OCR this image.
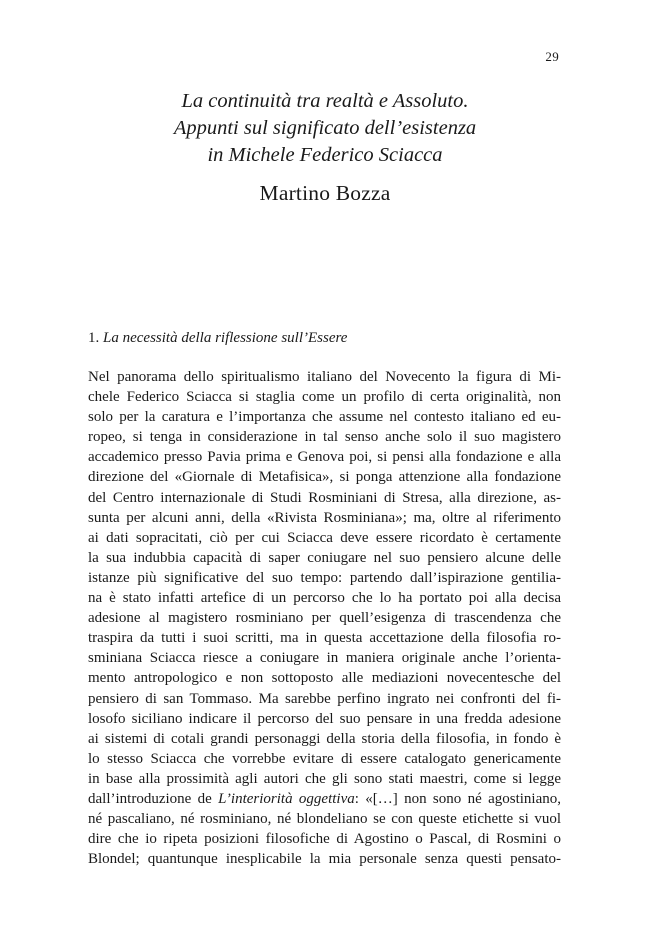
29
La continuità tra realtà e Assoluto.
Appunti sul significato dell’esistenza
in Michele Federico Sciacca
Martino Bozza
1. La necessità della riflessione sull’Essere
Nel panorama dello spiritualismo italiano del Novecento la figura di Mi-
chele Federico Sciacca si staglia come un profilo di certa originalità, non
solo per la caratura e l’importanza che assume nel contesto italiano ed eu-
ropeo, si tenga in considerazione in tal senso anche solo il suo magistero
accademico presso Pavia prima e Genova poi, si pensi alla fondazione e alla
direzione del «Giornale di Metafisica», si ponga attenzione alla fondazione
del Centro internazionale di Studi Rosminiani di Stresa, alla direzione, as-
sunta per alcuni anni, della «Rivista Rosminiana»; ma, oltre al riferimento
ai dati sopracitati, ciò per cui Sciacca deve essere ricordato è certamente
la sua indubbia capacità di saper coniugare nel suo pensiero alcune delle
istanze più significative del suo tempo: partendo dall’ispirazione gentilia-
na è stato infatti artefice di un percorso che lo ha portato poi alla decisa
adesione al magistero rosminiano per quell’esigenza di trascendenza che
traspira da tutti i suoi scritti, ma in questa accettazione della filosofia ro-
sminiana Sciacca riesce a coniugare in maniera originale anche l’orienta-
mento antropologico e non sottoposto alle mediazioni novecentesche del
pensiero di san Tommaso. Ma sarebbe perfino ingrato nei confronti del fi-
losofo siciliano indicare il percorso del suo pensare in una fredda adesione
ai sistemi di cotali grandi personaggi della storia della filosofia, in fondo è
lo stesso Sciacca che vorrebbe evitare di essere catalogato genericamente
in base alla prossimità agli autori che gli sono stati maestri, come si legge
dall’introduzione de L’interiorità oggettiva: «[…] non sono né agostiniano,
né pascaliano, né rosminiano, né blondeliano se con queste etichette si vuol
dire che io ripeta posizioni filosofiche di Agostino o Pascal, di Rosmini o
Blondel; quantunque inesplicabile la mia personale senza questi pensato-
